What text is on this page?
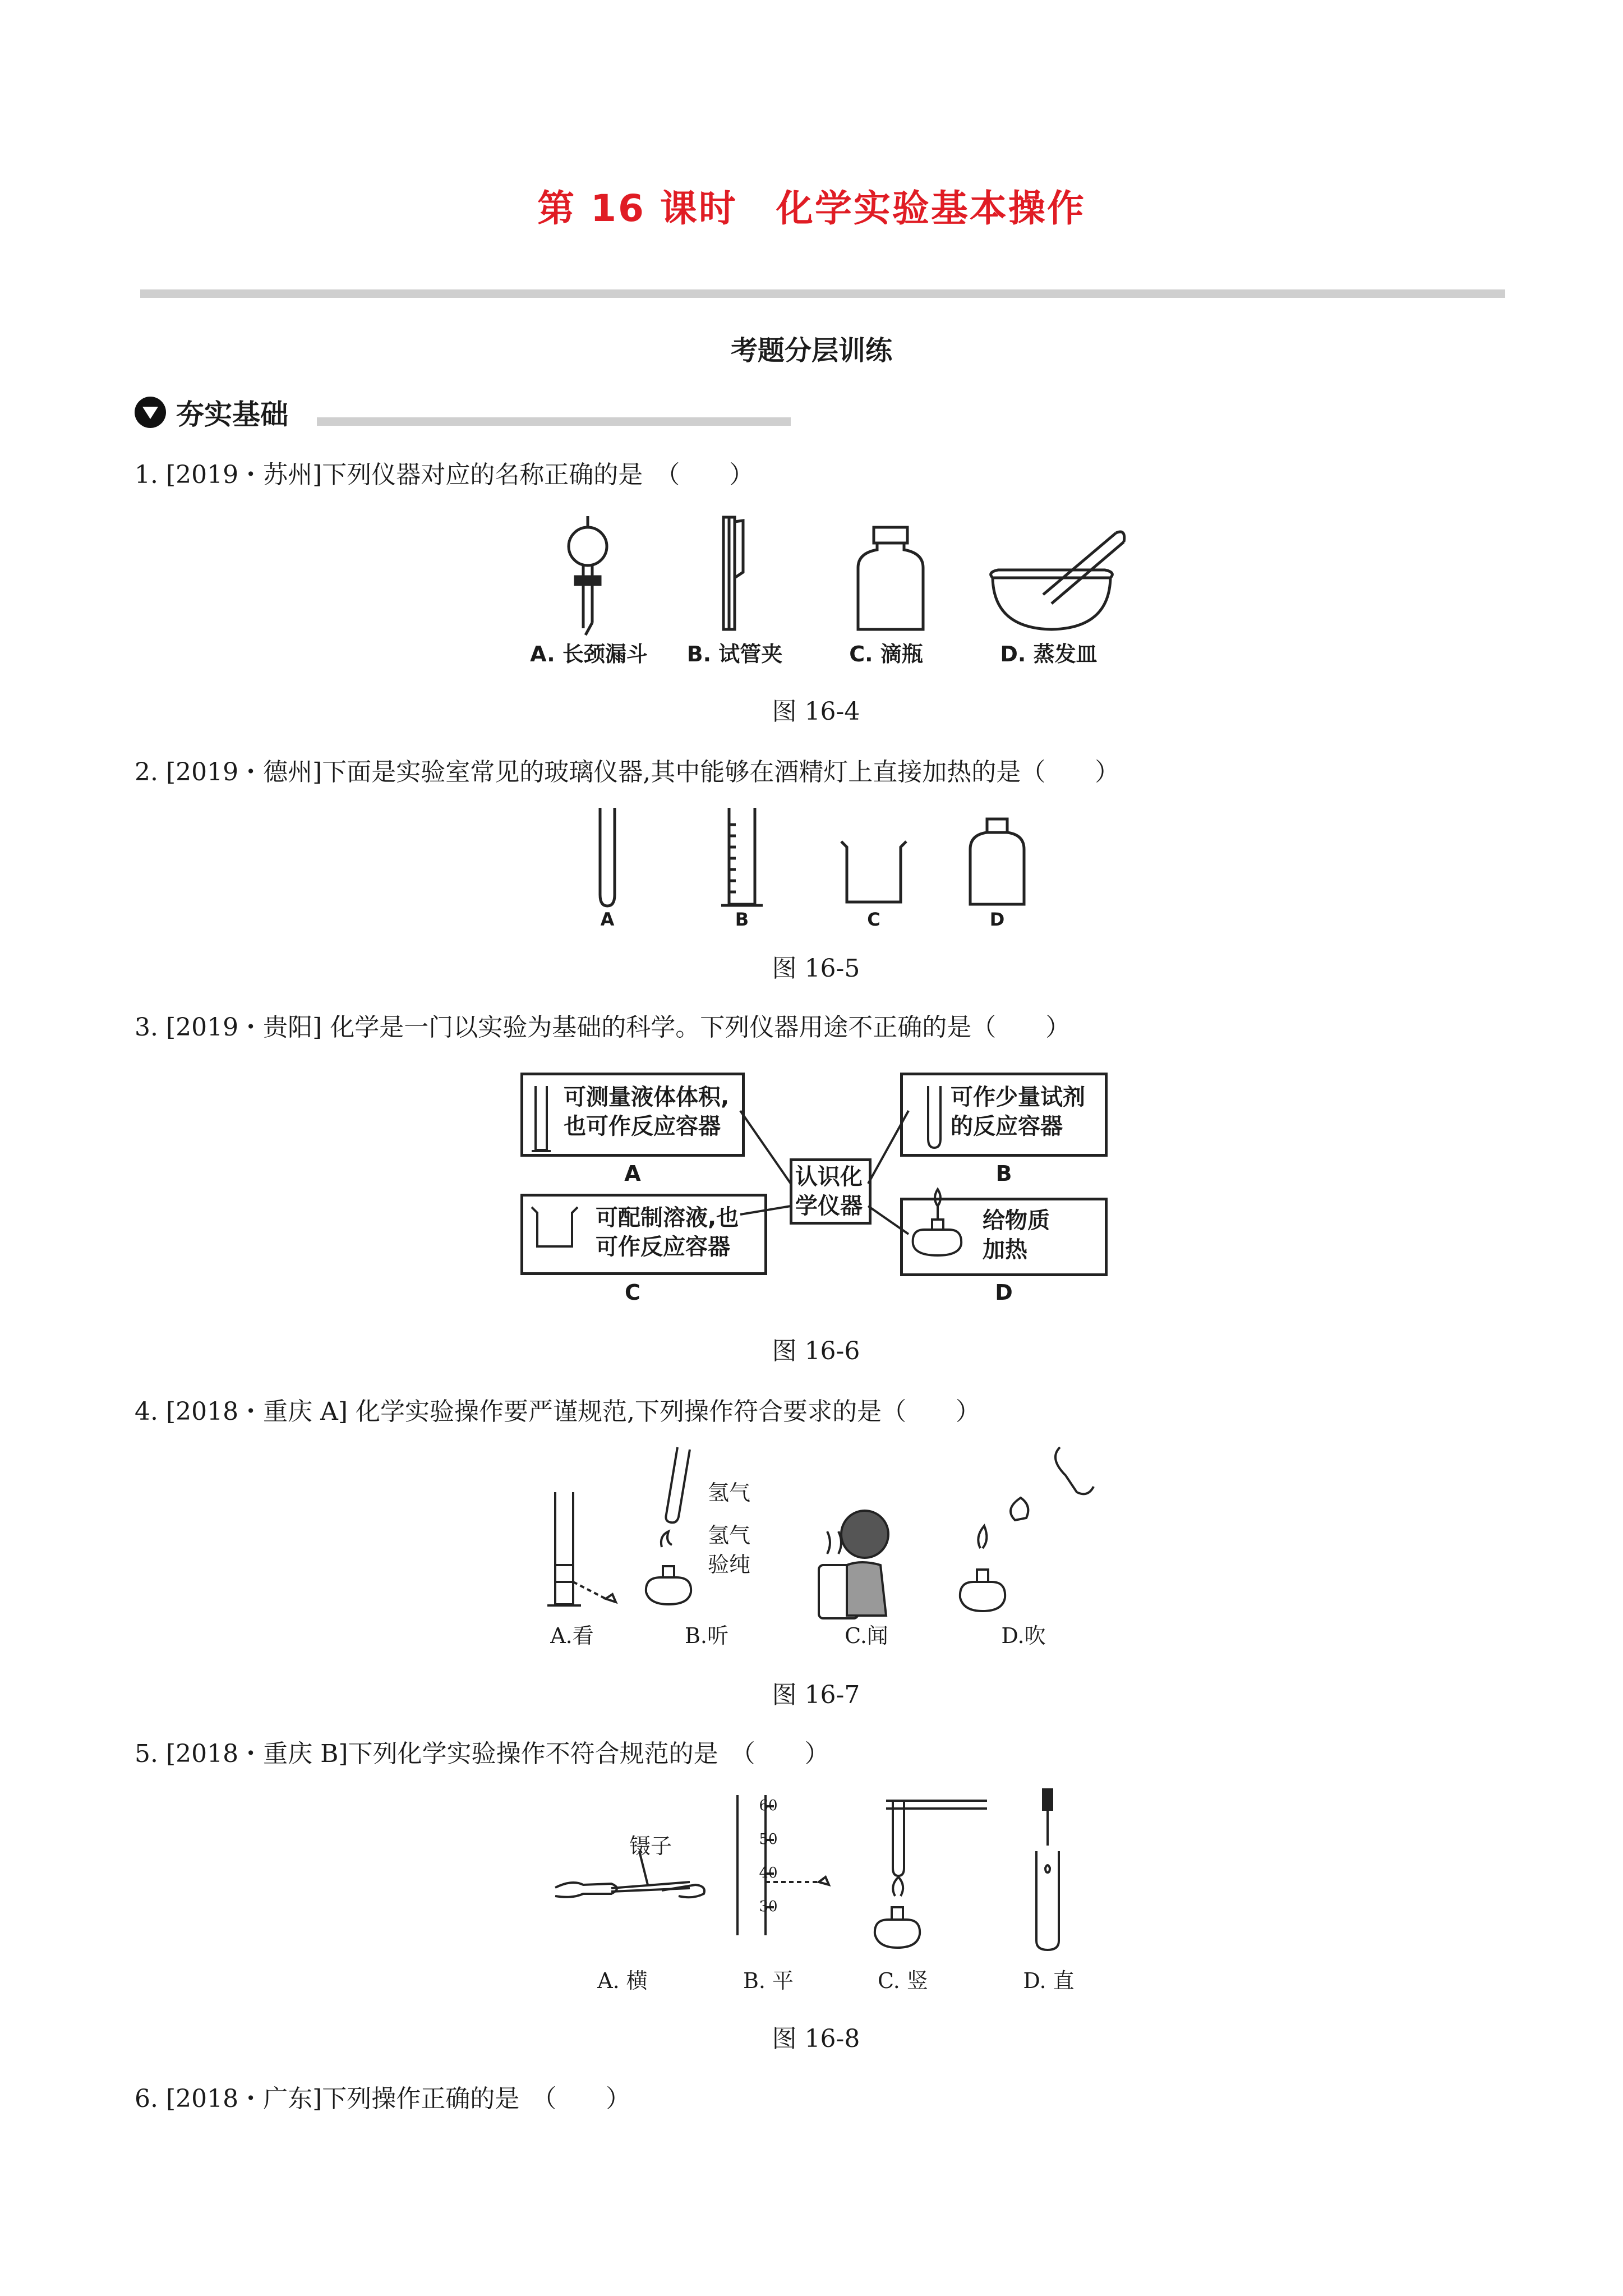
第 16 课时　化学实验基本操作
考题分层训练
夯实基础
1. [2019・苏州]下列仪器对应的名称正确的是　（　　）
A. 长颈漏斗	B. 试管夹	C. 滴瓶	D. 蒸发皿
图 16-4
2. [2019・德州]下面是实验室常见的玻璃仪器,其中能够在酒精灯上直接加热的是（　　）
A	B	C	D
图 16-5
3. [2019・贵阳] 化学是一门以实验为基础的科学。下列仪器用途不正确的是（　　）
可测量液体体积,
也可作反应容器
可作少量试剂
的反应容器
可配制溶液,也
可作反应容器
给物质
加热
认识化
学仪器
A	B
C	D
图 16-6
4. [2018・重庆 A] 化学实验操作要严谨规范,下列操作符合要求的是（　　）
氢气
氢气
验纯
A.看	B.听	C.闻	D.吹
图 16-7
5. [2018・重庆 B]下列化学实验操作不符合规范的是　（　　）
镊子
60
50
40
30
A. 横	B. 平	C. 竖	D. 直
图 16-8
6. [2018・广东]下列操作正确的是　（　　）
